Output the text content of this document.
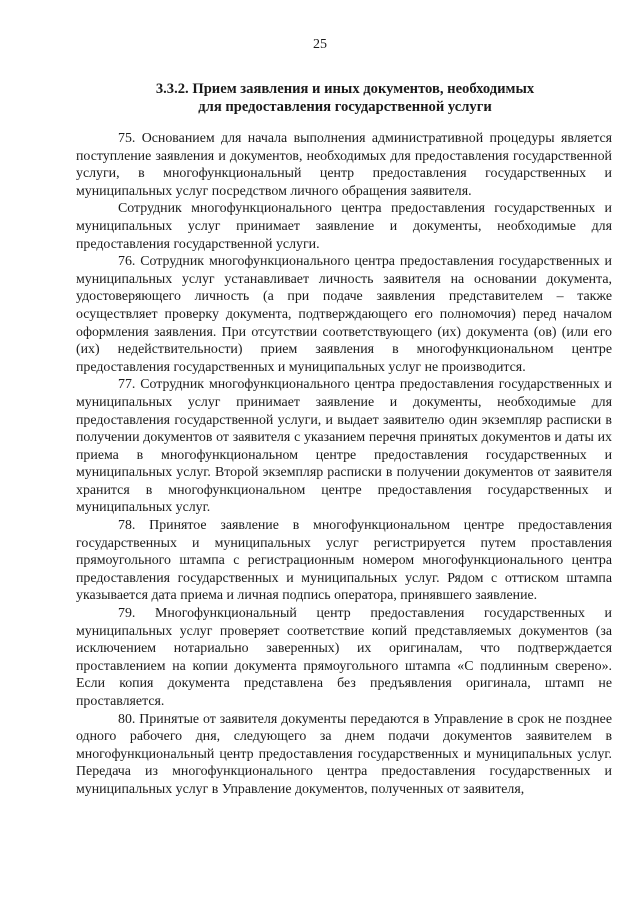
25
3.3.2. Прием заявления и иных документов, необходимых
для предоставления государственной услуги

75. Основанием для начала выполнения административной процедуры является поступление заявления и документов, необходимых для предоставления государственной услуги, в многофункциональный центр предоставления государственных и муниципальных услуг посредством личного обращения заявителя.

Сотрудник многофункционального центра предоставления государственных и муниципальных услуг принимает заявление и документы, необходимые для предоставления государственной услуги.

76. Сотрудник многофункционального центра предоставления государственных и муниципальных услуг устанавливает личность заявителя на основании документа, удостоверяющего личность (а при подаче заявления представителем – также осуществляет проверку документа, подтверждающего его полномочия) перед началом оформления заявления. При отсутствии соответствующего (их) документа (ов) (или его (их) недействительности) прием заявления в многофункциональном центре предоставления государственных и муниципальных услуг не производится.

77. Сотрудник многофункционального центра предоставления государственных и муниципальных услуг принимает заявление и документы, необходимые для предоставления государственной услуги, и выдает заявителю один экземпляр расписки в получении документов от заявителя с указанием перечня принятых документов и даты их приема в многофункциональном центре предоставления государственных и муниципальных услуг. Второй экземпляр расписки в получении документов от заявителя хранится в многофункциональном центре предоставления государственных и муниципальных услуг.

78. Принятое заявление в многофункциональном центре предоставления государственных и муниципальных услуг регистрируется путем проставления прямоугольного штампа с регистрационным номером многофункционального центра предоставления государственных и муниципальных услуг. Рядом с оттиском штампа указывается дата приема и личная подпись оператора, принявшего заявление.

79. Многофункциональный центр предоставления государственных и муниципальных услуг проверяет соответствие копий представляемых документов (за исключением нотариально заверенных) их оригиналам, что подтверждается проставлением на копии документа прямоугольного штампа «С подлинным сверено». Если копия документа представлена без предъявления оригинала, штамп не проставляется.

80. Принятые от заявителя документы передаются в Управление в срок не позднее одного рабочего дня, следующего за днем подачи документов заявителем в многофункциональный центр предоставления государственных и муниципальных услуг. Передача из многофункционального центра предоставления государственных и муниципальных услуг в Управление документов, полученных от заявителя,
